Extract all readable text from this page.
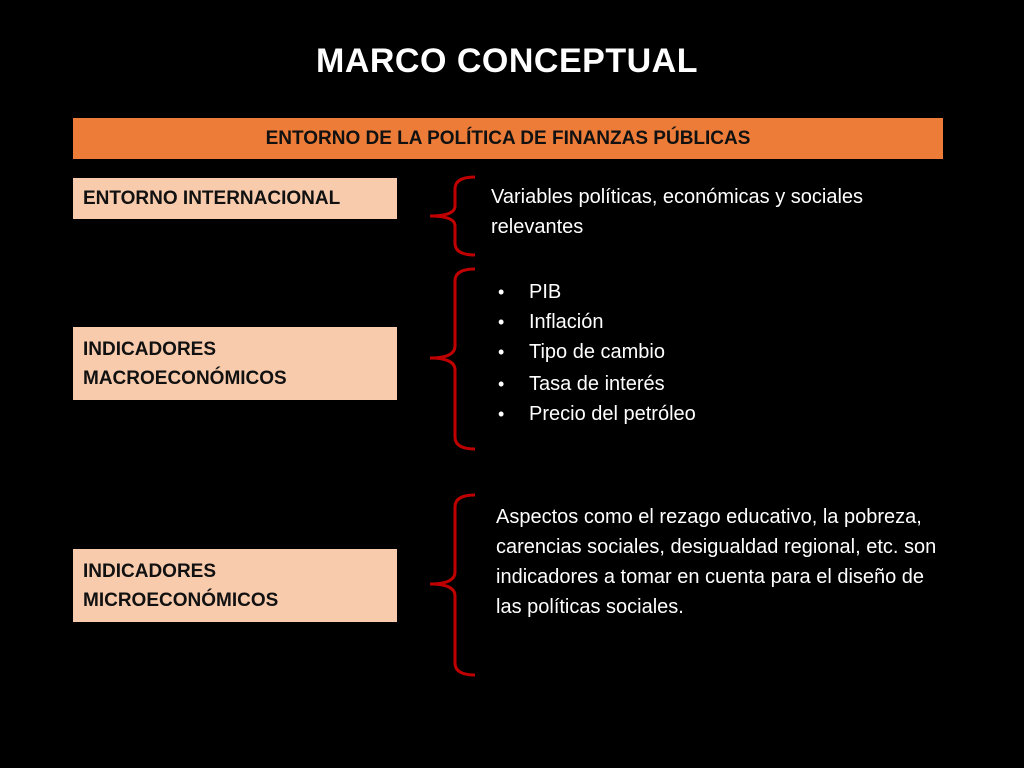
MARCO CONCEPTUAL
ENTORNO DE LA POLÍTICA DE FINANZAS PÚBLICAS
ENTORNO INTERNACIONAL
INDICADORES
MACROECONÓMICOS
INDICADORES
MICROECONÓMICOS
Variables políticas, económicas y sociales relevantes
• PIB
• Inflación
• Tipo de cambio
• Tasa de interés
• Precio del petróleo
Aspectos como el rezago educativo, la pobreza, carencias sociales, desigualdad regional, etc. son indicadores a tomar en cuenta para el diseño de las políticas sociales.
